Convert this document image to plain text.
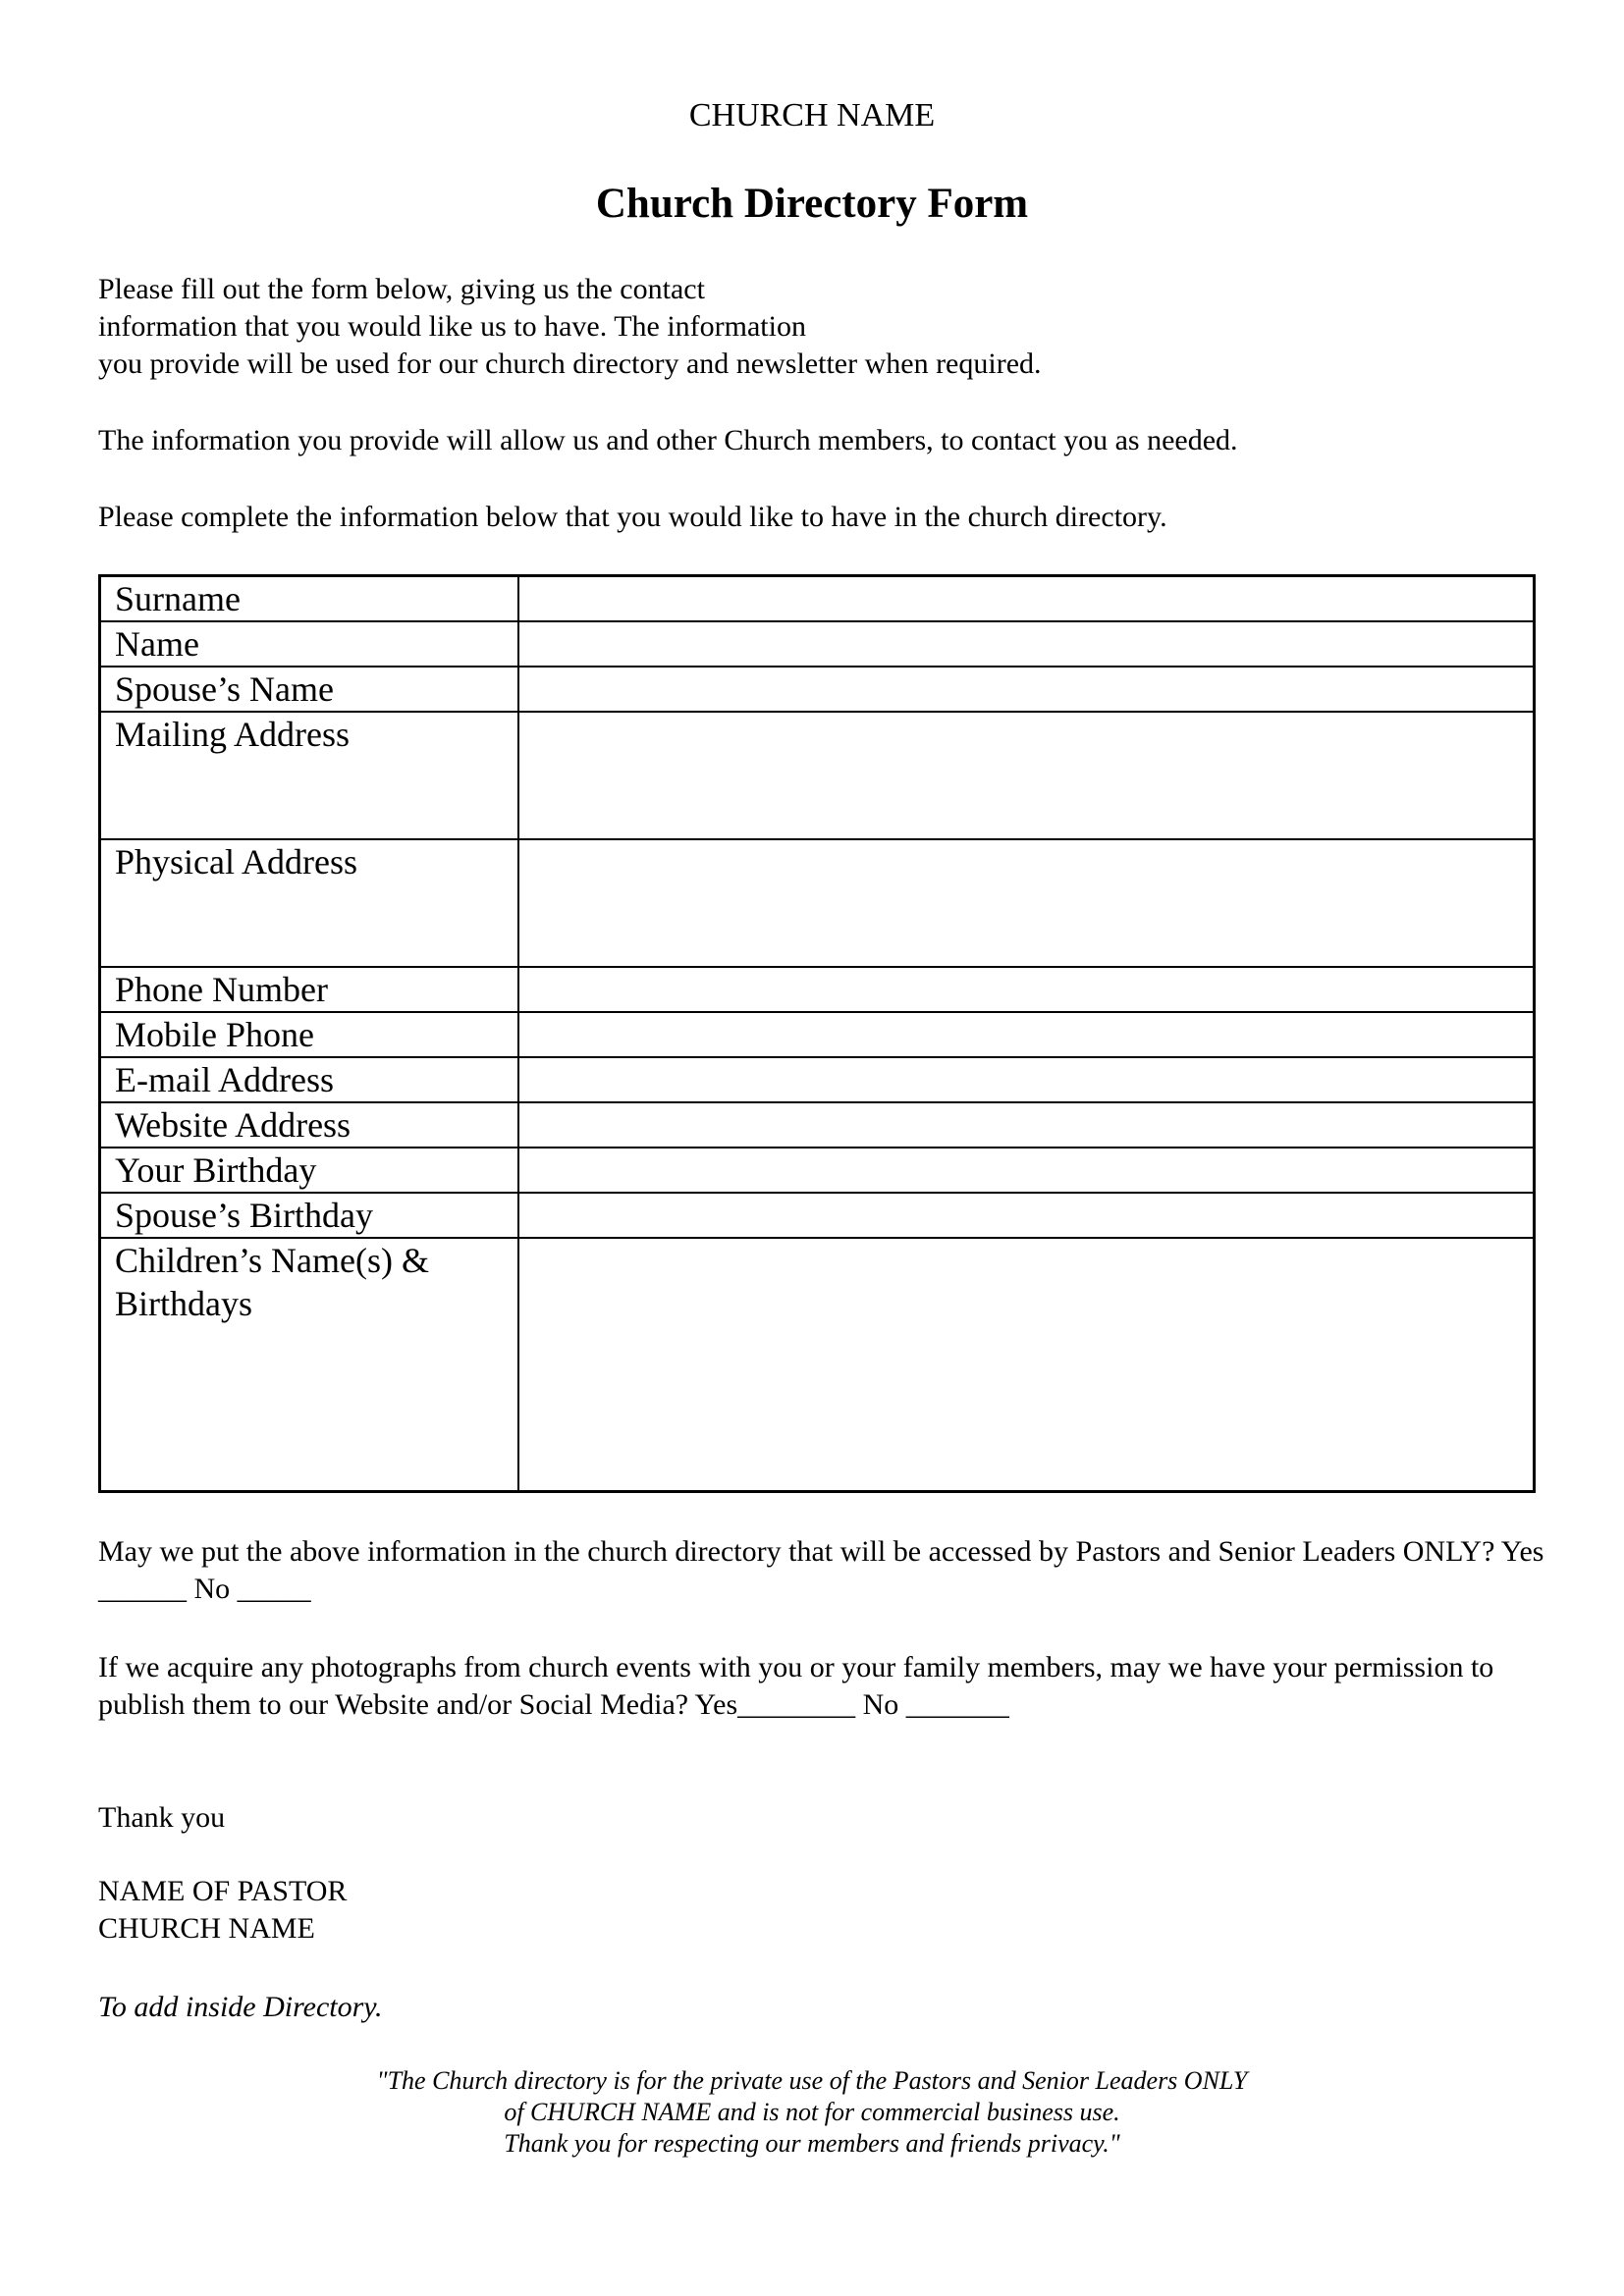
CHURCH NAME
Church Directory Form
Please fill out the form below, giving us the contact
information that you would like us to have. The information
you provide will be used for our church directory and newsletter when required.

The information you provide will allow us and other Church members, to contact you as needed.

Please complete the information below that you would like to have in the church directory.

Surname	
Name	
Spouse’s Name	
Mailing Address	
Physical Address	
Phone Number	
Mobile Phone	
E-mail Address	
Website Address	
Your Birthday	
Spouse’s Birthday	
Children’s Name(s) & Birthdays	

May we put the above information in the church directory that will be accessed by Pastors and Senior Leaders ONLY? Yes ______ No _____

If we acquire any photographs from church events with you or your family members, may we have your permission to publish them to our Website and/or Social Media? Yes________ No _______

Thank you

NAME OF PASTOR
CHURCH NAME
To add inside Directory.
"The Church directory is for the private use of the Pastors and Senior Leaders ONLY
of CHURCH NAME and is not for commercial business use.
Thank you for respecting our members and friends privacy."
